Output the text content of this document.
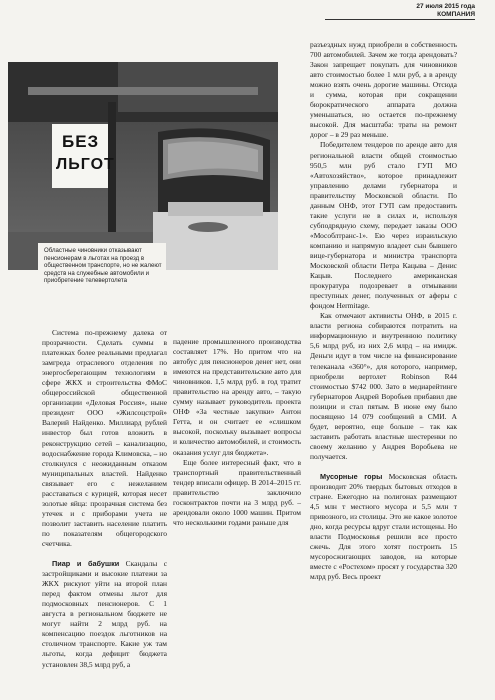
27 июля 2015 года
КОМПАНИЯ
БЕЗ
ЛЬГОТ
Областные чиновники отказывают пенсионерам в льготах на проезд в общественном транспорте, но не жалеют средств на служебные автомобили и приобретение телевертолета

Система по-прежнему далека от прозрачности. Сделать суммы в платежках более реальными предлагал замгреда отраслевого отделения по энергосберегающим технологиям в сфере ЖКХ и строительства ФМоС общероссийской общественной организации «Деловая Россия», ныне президент ООО «Жилсоцстрой» Валерий Найденко. Миллиард рублей инвестор был готов вложить в реконструкцию сетей – канализацию, водоснабжение города Климовска, – но столкнулся с неожиданным отказом муниципальных властей. Найденко связывает его с нежеланием расставаться с курицей, которая несет золотые яйца: прозрачная система без утечек и с приборами учета не позволит заставить население платить по показателям общегородского счетчика.

Пиар и бабушки Скандалы с застройщиками и высокие платежи за ЖКХ рискуют уйти на второй план перед фактом отмены льгот для подмосковных пенсионеров. С 1 августа в региональном бюджете не могут найти 2 млрд руб. на компенсацию поездок льготников на столичном транспорте. Какие уж там льготы, когда дефицит бюджета установлен 38,5 млрд руб, а

падение промышленного производства составляет 17%. Но притом что на автобус для пенсионеров денег нет, они имеются на представительские авто для чиновников. 1,5 млрд руб. в год тратит правительство на аренду авто, – такую сумму называет руководитель проекта ОНФ «За честные закупки» Антон Гетта, и он считает ее «слишком высокой, поскольку вызывает вопросы и количество автомобилей, и стоимость оказания услуг для бюджета».

Еще более интересный факт, что в транспортный правительственный тендер вписали офицер. В 2014–2015 гг. правительство заключило госконтрактов почти на 3 млрд руб. – арендовали около 1000 машин. Притом что несколькими годами раньше для

разъездных нужд приобрели в собственность 700 автомобилей. Зачем же тогда арендовать? Закон запрещает покупать для чиновников авто стоимостью более 1 млн руб, а в аренду можно взять очень дорогие машины. Отсюда и сумма, которая при сокращении бюрократического аппарата должна уменьшаться, но остается по-прежнему высокой. Для масштаба: траты на ремонт дорог – в 29 раз меньше.

Победителем тендеров по аренде авто для региональной власти общей стоимостью 950,5 млн руб стало ГУП МО «Автохозяйство», которое принадлежит управлению делами губернатора и правительству Московской области. По данным ОНФ, этот ГУП сам предоставить такие услуги не в силах и, используя субподрядную схему, передает заказы ООО «Мособлтранс-1». Ею через израильскую компанию и напрямую владеет сын бывшего вице-губернатора и министра транспорта Московской области Петра Кацыва – Денис Кацыв. Последнего американская прокуратура подозревает в отмывании преступных денег, полученных от аферы с фондом Hermitage.

Как отмечают активисты ОНФ, в 2015 г. власти региона собираются потратить на информационную и внутреннюю политику 5,6 млрд руб, из них 2,6 млрд – на имидж. Деньги идут в том числе на финансирование телеканала «360°», для которого, например, приобрели вертолет Robinson R44 стоимостью $742 000. Зато в медиарейтинге губернаторов Андрей Воробьев прибавил две позиции и стал пятым. В июне ему было посвящено 14 079 сообщений в СМИ. А будет, вероятно, еще больше – так как заставить работать властные шестеренки по своему желанию у Андрея Воробьева не получается.

Мусорные горы Московская область производит 20% твердых бытовых отходов в стране. Ежегодно на полигонах размещают 4,5 млн т местного мусора и 5,5 млн т привозного, из столицы. Это же какое золотое дно, когда ресурсы вдруг стали истощены. Но власти Подмосковья решили все просто сжечь. Для этого хотят построить 15 мусоросжигающих заводов, на которые вместе с «Ростехом» просят у государства 320 млрд руб. Весь проект
